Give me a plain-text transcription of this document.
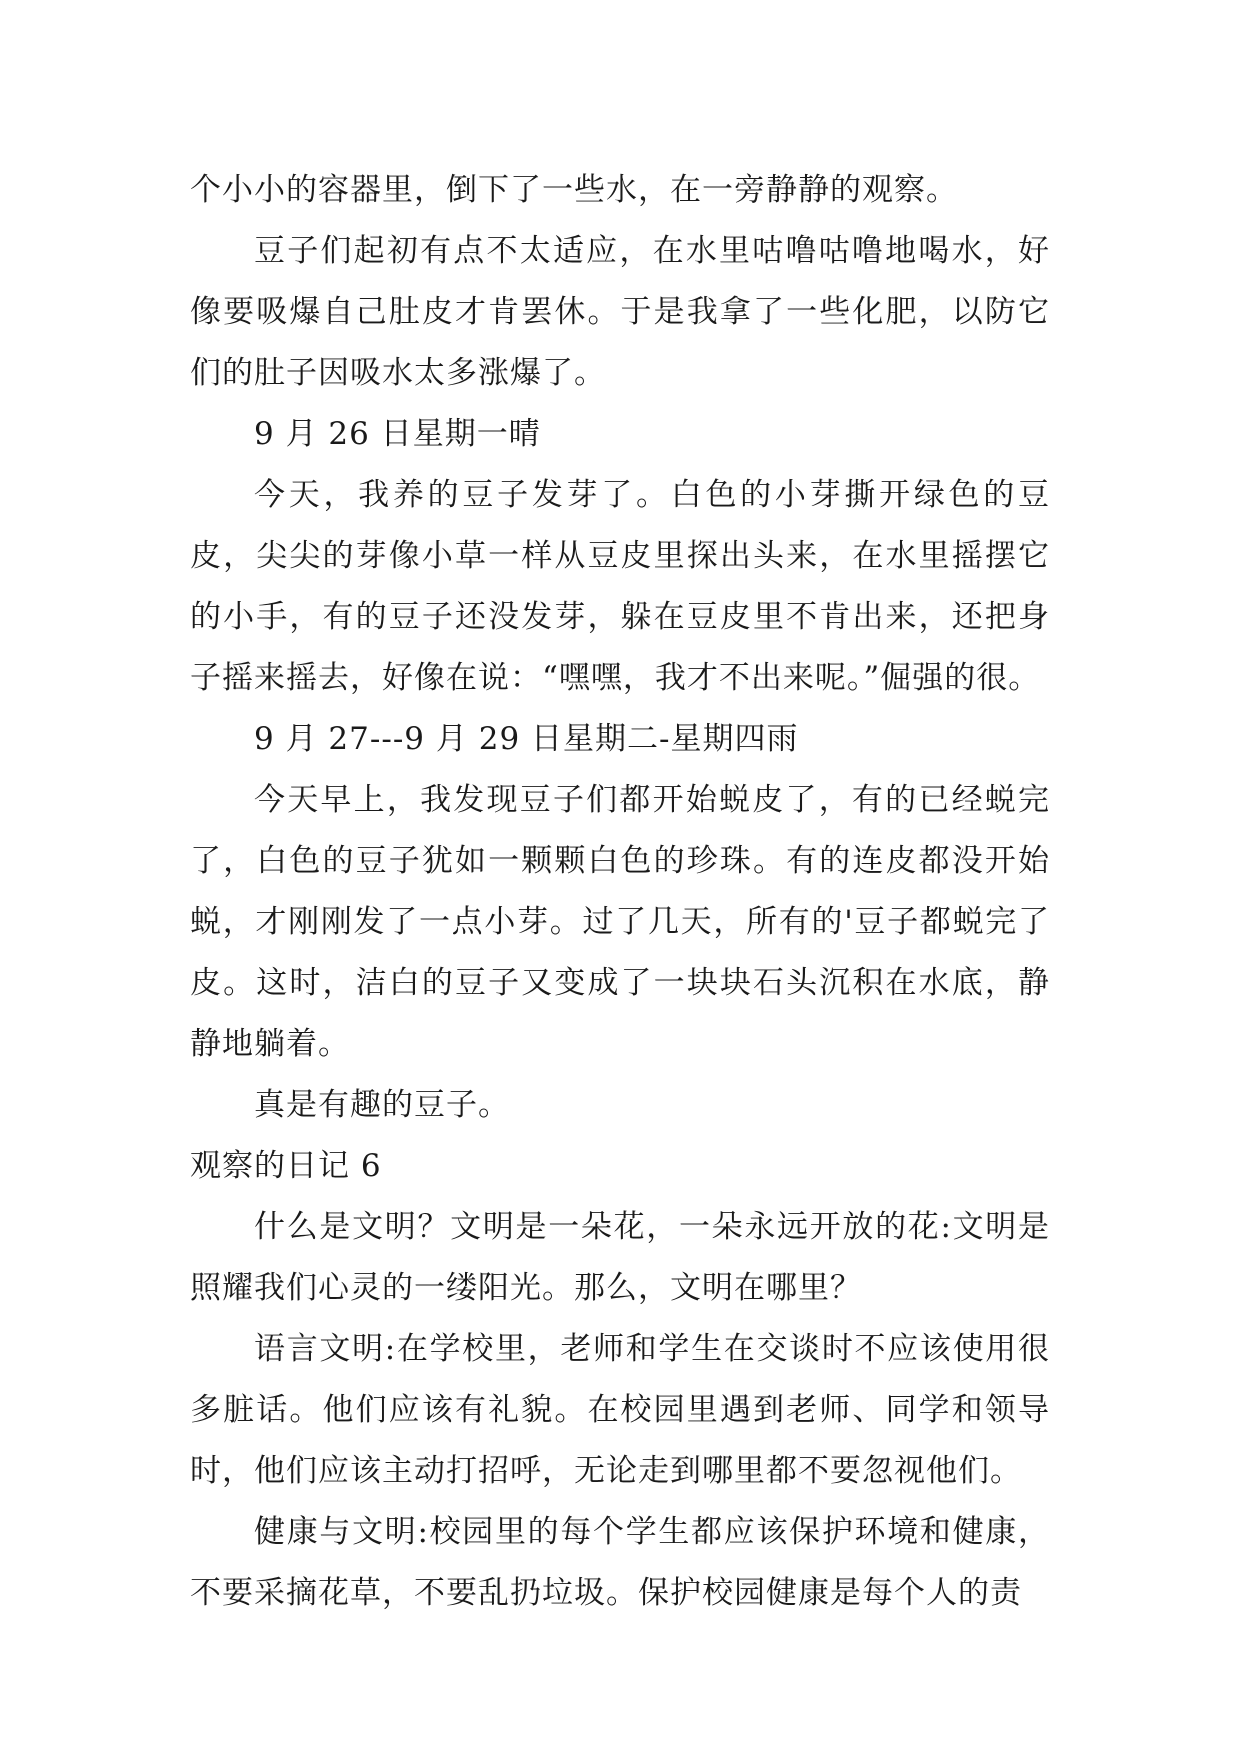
个小小的容器里，倒下了一些水，在一旁静静的观察。

豆子们起初有点不太适应，在水里咕噜咕噜地喝水，好像要吸爆自己肚皮才肯罢休。于是我拿了一些化肥，以防它们的肚子因吸水太多涨爆了。

9 月 26 日星期一晴

今天，我养的豆子发芽了。白色的小芽撕开绿色的豆皮，尖尖的芽像小草一样从豆皮里探出头来，在水里摇摆它的小手，有的豆子还没发芽，躲在豆皮里不肯出来，还把身子摇来摇去，好像在说：“嘿嘿，我才不出来呢。”倔强的很。

9 月 27---9 月 29 日星期二-星期四雨

今天早上，我发现豆子们都开始蜕皮了，有的已经蜕完了，白色的豆子犹如一颗颗白色的珍珠。有的连皮都没开始蜕，才刚刚发了一点小芽。过了几天，所有的'豆子都蜕完了皮。这时，洁白的豆子又变成了一块块石头沉积在水底，静静地躺着。

真是有趣的豆子。

观察的日记 6

什么是文明？文明是一朵花，一朵永远开放的花:文明是照耀我们心灵的一缕阳光。那么，文明在哪里？

语言文明:在学校里，老师和学生在交谈时不应该使用很多脏话。他们应该有礼貌。在校园里遇到老师、同学和领导时，他们应该主动打招呼，无论走到哪里都不要忽视他们。

健康与文明:校园里的每个学生都应该保护环境和健康，不要采摘花草，不要乱扔垃圾。保护校园健康是每个人的责
